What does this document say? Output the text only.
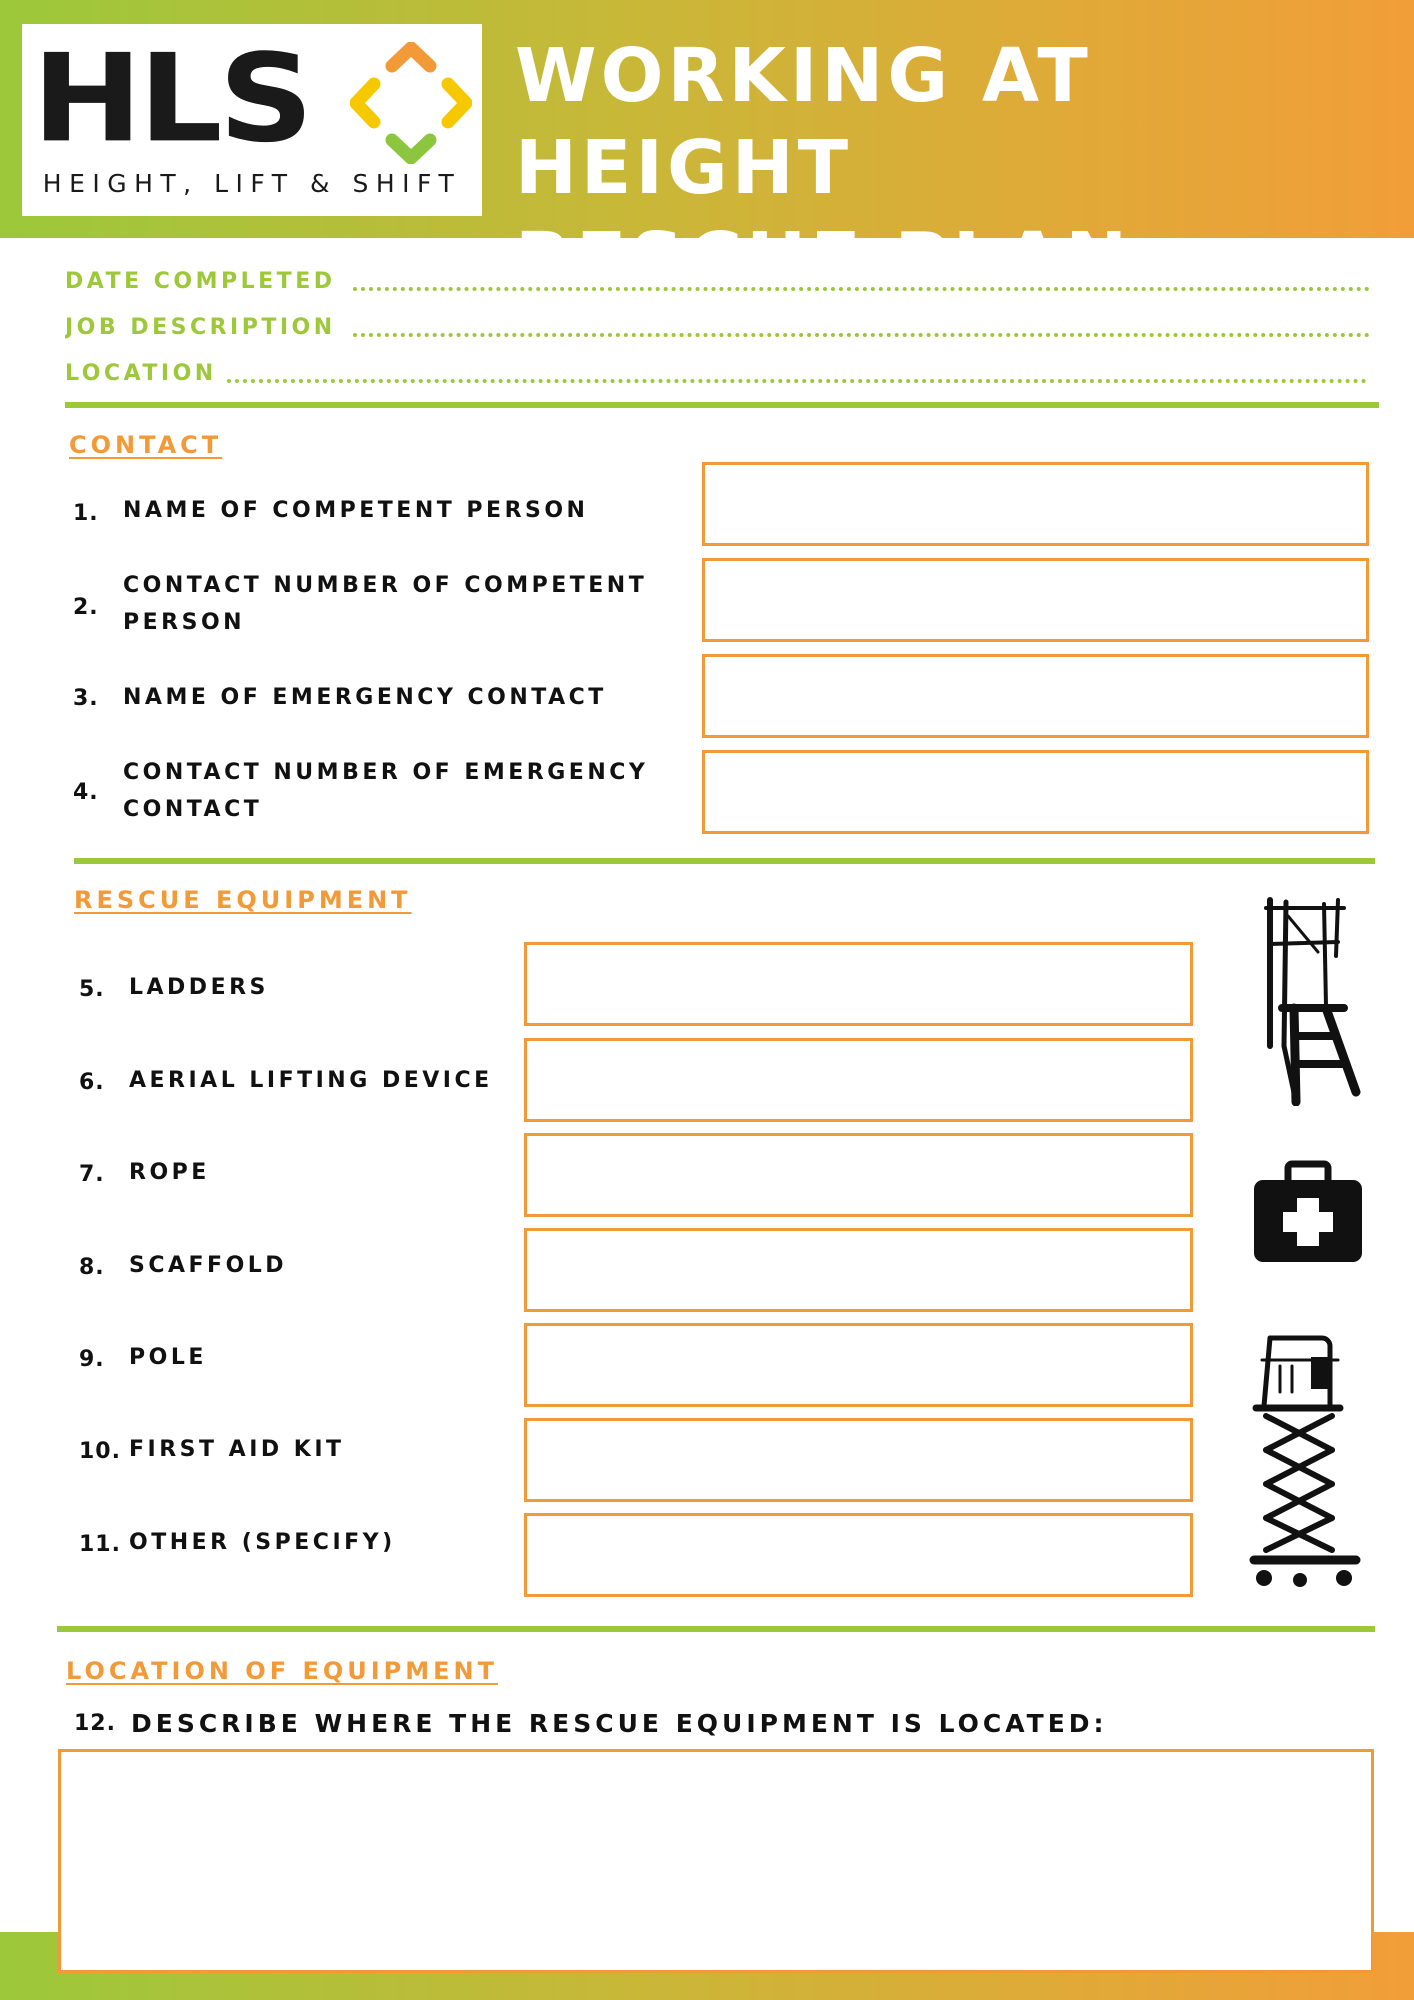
HLS
HEIGHT, LIFT & SHIFT
WORKING AT HEIGHT
RESCUE PLAN
DATE COMPLETED
JOB DESCRIPTION
LOCATION
CONTACT
1. NAME OF COMPETENT PERSON
2.
CONTACT NUMBER OF COMPETENT
PERSON
3. NAME OF EMERGENCY CONTACT
4.
CONTACT NUMBER OF EMERGENCY
CONTACT
RESCUE EQUIPMENT
5. LADDERS
6. AERIAL LIFTING DEVICE
7. ROPE
8. SCAFFOLD
9. POLE
10. FIRST AID KIT
11. OTHER (SPECIFY)
LOCATION OF EQUIPMENT
12. DESCRIBE WHERE THE RESCUE EQUIPMENT IS LOCATED:
